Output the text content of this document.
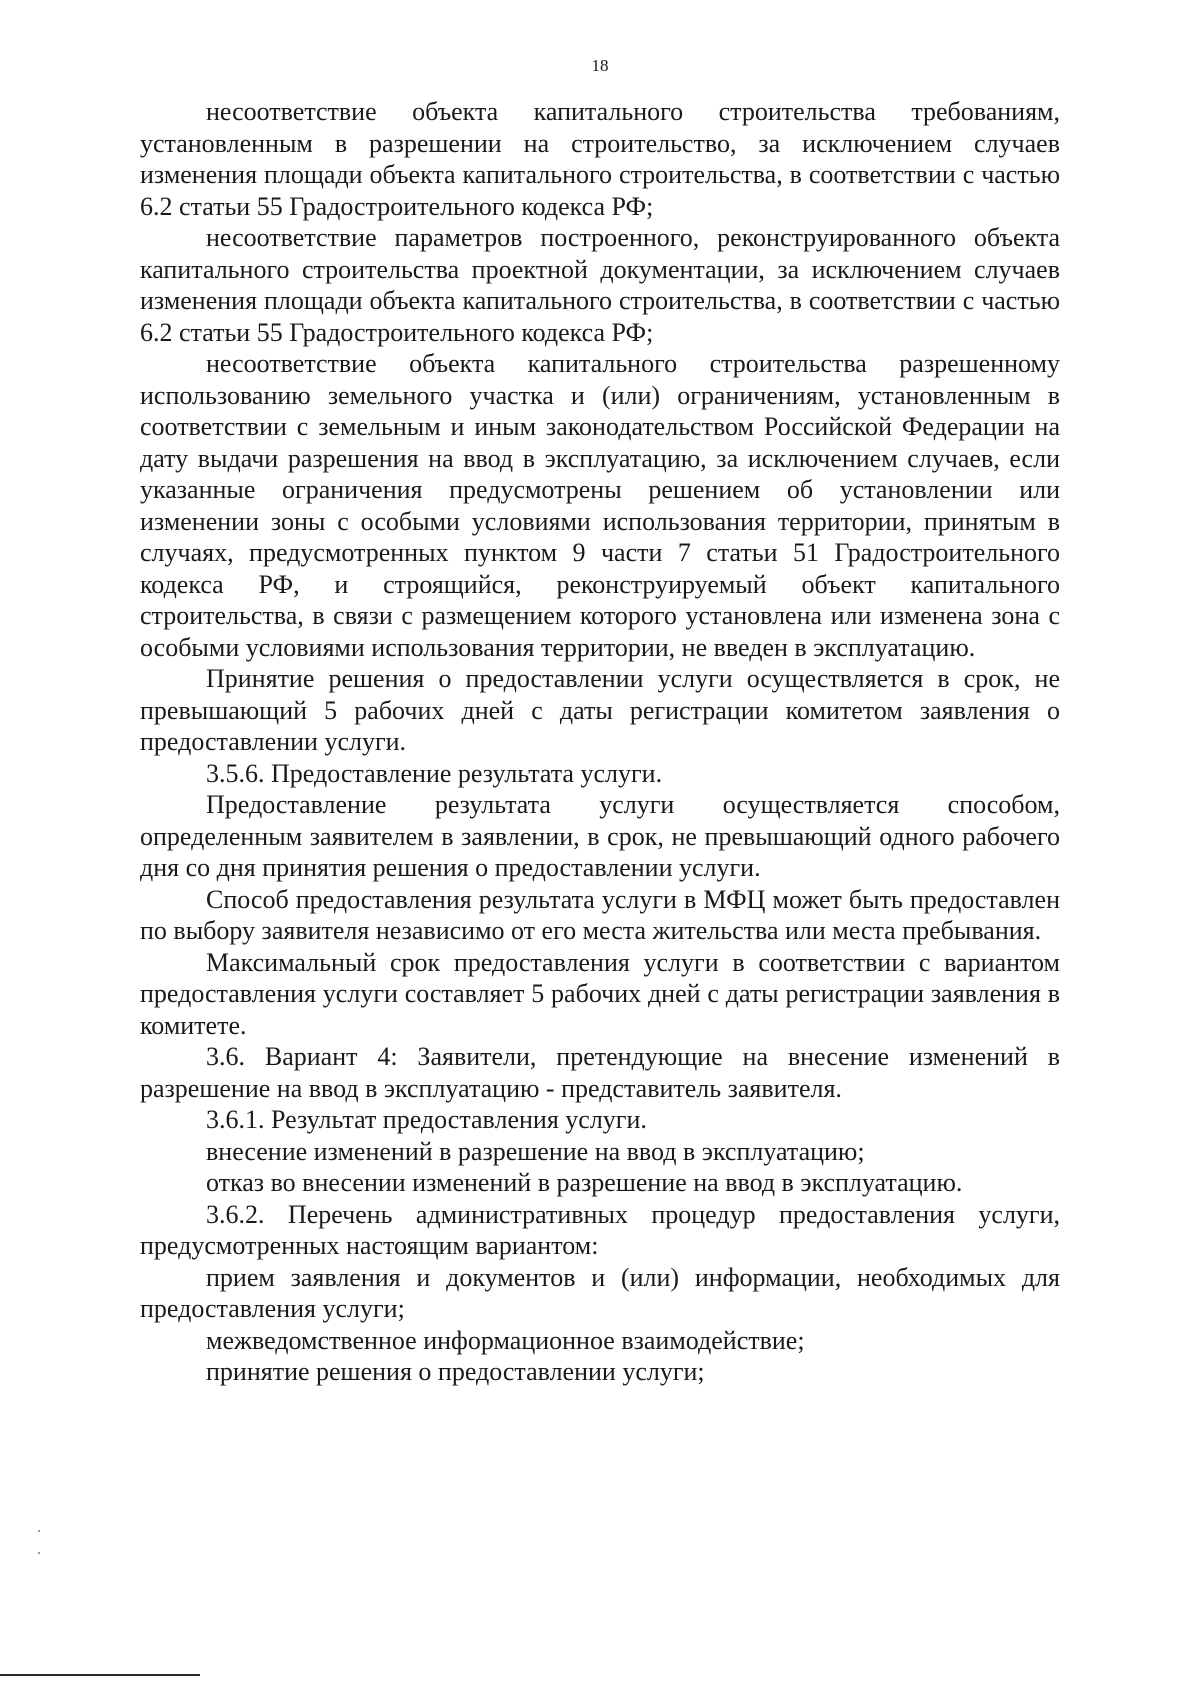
18

несоответствие объекта капитального строительства требованиям, установленным в разрешении на строительство, за исключением случаев изменения площади объекта капитального строительства, в соответствии с частью 6.2 статьи 55 Градостроительного кодекса РФ;

несоответствие параметров построенного, реконструированного объекта капитального строительства проектной документации, за исключением случаев изменения площади объекта капитального строительства, в соответствии с частью 6.2 статьи 55 Градостроительного кодекса РФ;

несоответствие объекта капитального строительства разрешенному использованию земельного участка и (или) ограничениям, установленным в соответствии с земельным и иным законодательством Российской Федерации на дату выдачи разрешения на ввод в эксплуатацию, за исключением случаев, если указанные ограничения предусмотрены решением об установлении или изменении зоны с особыми условиями использования территории, принятым в случаях, предусмотренных пунктом 9 части 7 статьи 51 Градостроительного кодекса РФ, и строящийся, реконструируемый объект капитального строительства, в связи с размещением которого установлена или изменена зона с особыми условиями использования территории, не введен в эксплуатацию.

Принятие решения о предоставлении услуги осуществляется в срок, не превышающий 5 рабочих дней с даты регистрации комитетом заявления о предоставлении услуги.

3.5.6. Предоставление результата услуги.

Предоставление результата услуги осуществляется способом, определенным заявителем в заявлении, в срок, не превышающий одного рабочего дня со дня принятия решения о предоставлении услуги.

Способ предоставления результата услуги в МФЦ может быть предоставлен по выбору заявителя независимо от его места жительства или места пребывания.

Максимальный срок предоставления услуги в соответствии с вариантом предоставления услуги составляет 5 рабочих дней с даты регистрации заявления в комитете.

3.6. Вариант 4: Заявители, претендующие на внесение изменений в разрешение на ввод в эксплуатацию - представитель заявителя.

3.6.1. Результат предоставления услуги.

внесение изменений в разрешение на ввод в эксплуатацию;

отказ во внесении изменений в разрешение на ввод в эксплуатацию.

3.6.2. Перечень административных процедур предоставления услуги, предусмотренных настоящим вариантом:

прием заявления и документов и (или) информации, необходимых для предоставления услуги;

межведомственное информационное взаимодействие;

принятие решения о предоставлении услуги;
